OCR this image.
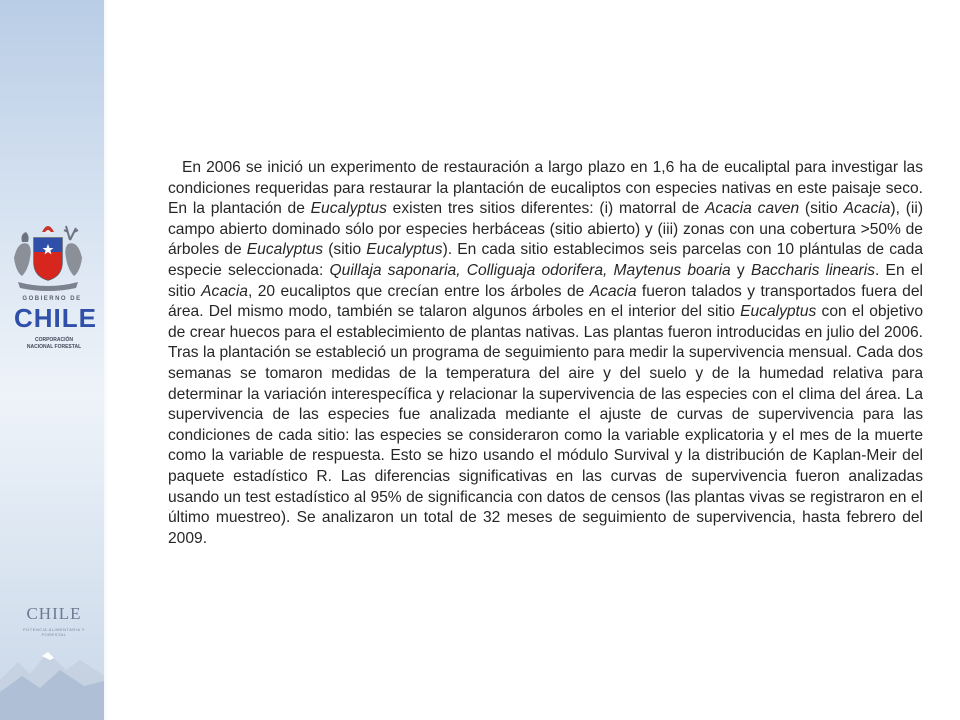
GOBIERNO DE
CHILE
CORPORACIÓN
NACIONAL FORESTAL
CHILE
POTENCIA ALIMENTARIA Y FORESTAL

En 2006 se inició un experimento de restauración a largo plazo en 1,6 ha de eucaliptal para investigar las condiciones requeridas para restaurar la plantación de eucaliptos con especies nativas en este paisaje seco. En la plantación de Eucalyptus existen tres sitios diferentes: (i) matorral de Acacia caven (sitio Acacia), (ii) campo abierto dominado sólo por especies herbáceas (sitio abierto) y (iii) zonas con una cobertura >50% de árboles de Eucalyptus (sitio Eucalyptus). En cada sitio establecimos seis parcelas con 10 plántulas de cada especie seleccionada: Quillaja saponaria, Colliguaja odorifera, Maytenus boaria y Baccharis linearis. En el sitio Acacia, 20 eucaliptos que crecían entre los árboles de Acacia fueron talados y transportados fuera del área. Del mismo modo, también se talaron algunos árboles en el interior del sitio Eucalyptus con el objetivo de crear huecos para el establecimiento de plantas nativas. Las plantas fueron introducidas en julio del 2006. Tras la plantación se estableció un programa de seguimiento para medir la supervivencia mensual. Cada dos semanas se tomaron medidas de la temperatura del aire y del suelo y de la humedad relativa para determinar la variación interespecífica y relacionar la supervivencia de las especies con el clima del área. La supervivencia de las especies fue analizada mediante el ajuste de curvas de supervivencia para las condiciones de cada sitio: las especies se consideraron como la variable explicatoria y el mes de la muerte como la variable de respuesta. Esto se hizo usando el módulo Survival y la distribución de Kaplan-Meir del paquete estadístico R. Las diferencias significativas en las curvas de supervivencia fueron analizadas usando un test estadístico al 95% de significancia con datos de censos (las plantas vivas se registraron en el último muestreo). Se analizaron un total de 32 meses de seguimiento de supervivencia, hasta febrero del 2009.
